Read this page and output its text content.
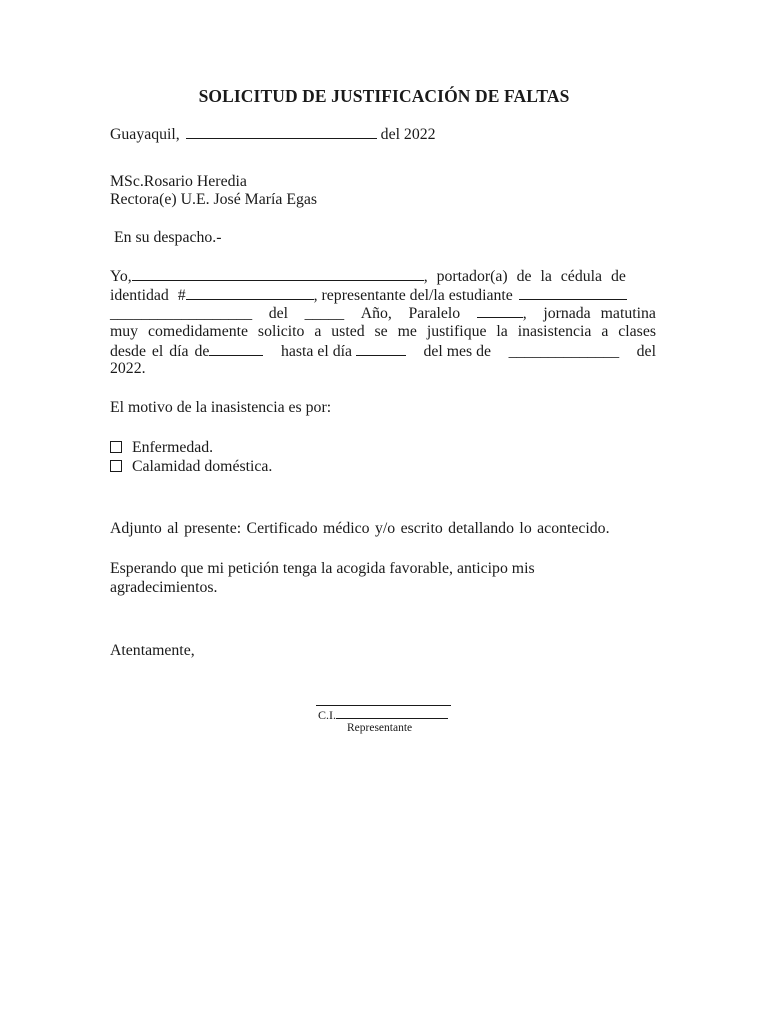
SOLICITUD DE JUSTIFICACIÓN DE FALTAS
Guayaquil,	del 2022
MSc.Rosario Heredia
Rectora(e) U.E. José María Egas
En su despacho.-
Yo,	, portador(a) de la cédula de
identidad #	, representante del/la estudiante
__________________ del _____ Año, Paralelo	, jornada matutina
muy comedidamente solicito a usted se me justifique la inasistencia a clases
desde el día de	hasta el día	del mes de ______________ del
2022.
El motivo de la inasistencia es por:
Enfermedad.
Calamidad doméstica.
Adjunto al presente: Certificado médico y/o escrito detallando lo acontecido.
Esperando que mi petición tenga la acogida favorable, anticipo mis
agradecimientos.
Atentamente,
C.I.
Representante
